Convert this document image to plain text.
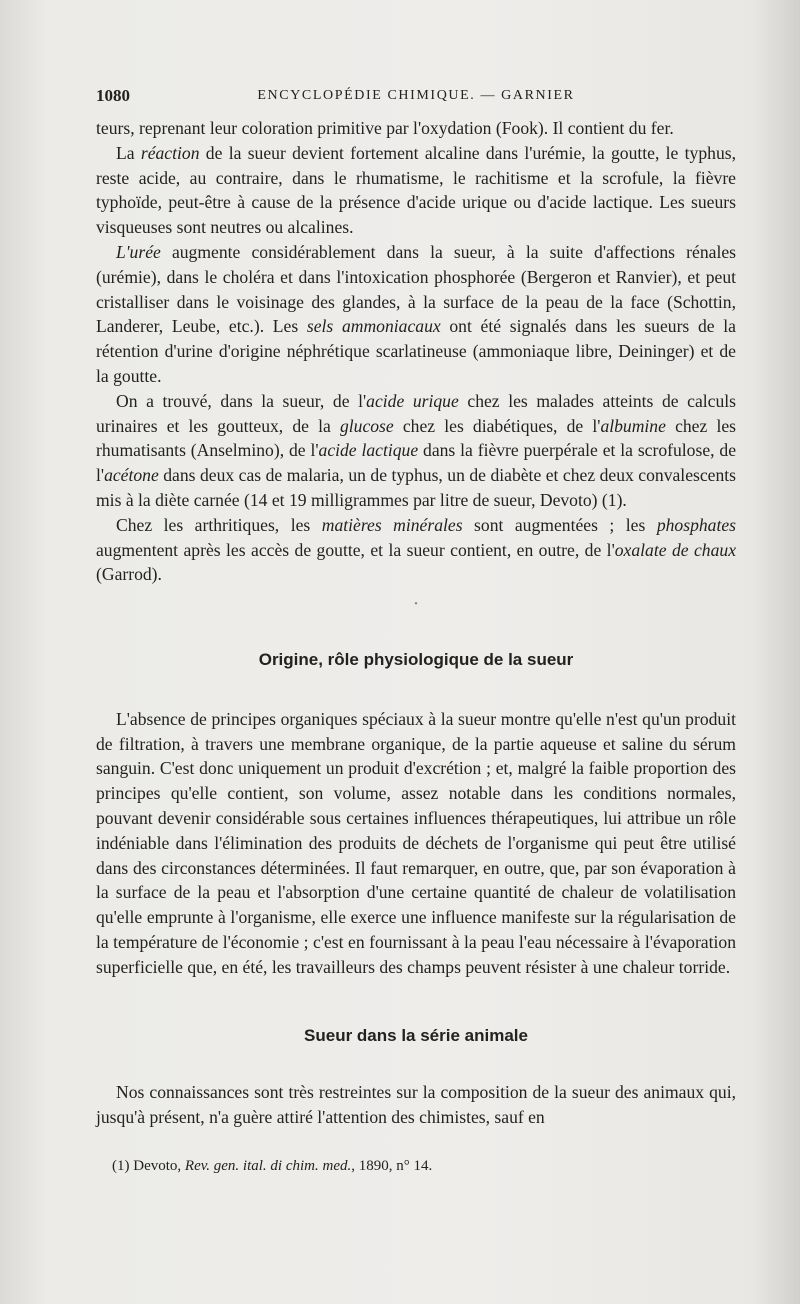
1080	ENCYCLOPÉDIE CHIMIQUE. — GARNIER

teurs, reprenant leur coloration primitive par l'oxydation (Fook). Il contient du fer.

La réaction de la sueur devient fortement alcaline dans l'urémie, la goutte, le typhus, reste acide, au contraire, dans le rhumatisme, le rachitisme et la scrofule, la fièvre typhoïde, peut-être à cause de la présence d'acide urique ou d'acide lactique. Les sueurs visqueuses sont neutres ou alcalines.

L'urée augmente considérablement dans la sueur, à la suite d'affections rénales (urémie), dans le choléra et dans l'intoxication phosphorée (Bergeron et Ranvier), et peut cristalliser dans le voisinage des glandes, à la surface de la peau de la face (Schottin, Landerer, Leube, etc.). Les sels ammoniacaux ont été signalés dans les sueurs de la rétention d'urine d'origine néphrétique scarlatineuse (ammoniaque libre, Deininger) et de la goutte.

On a trouvé, dans la sueur, de l'acide urique chez les malades atteints de calculs urinaires et les goutteux, de la glucose chez les diabétiques, de l'albumine chez les rhumatisants (Anselmino), de l'acide lactique dans la fièvre puerpérale et la scrofulose, de l'acétone dans deux cas de malaria, un de typhus, un de diabète et chez deux convalescents mis à la diète carnée (14 et 19 milligrammes par litre de sueur, Devoto) (1).

Chez les arthritiques, les matières minérales sont augmentées ; les phosphates augmentent après les accès de goutte, et la sueur contient, en outre, de l'oxalate de chaux (Garrod).

•
Origine, rôle physiologique de la sueur

L'absence de principes organiques spéciaux à la sueur montre qu'elle n'est qu'un produit de filtration, à travers une membrane organique, de la partie aqueuse et saline du sérum sanguin. C'est donc uniquement un produit d'excrétion ; et, malgré la faible proportion des principes qu'elle contient, son volume, assez notable dans les conditions normales, pouvant devenir considérable sous certaines influences thérapeutiques, lui attribue un rôle indéniable dans l'élimination des produits de déchets de l'organisme qui peut être utilisé dans des circonstances déterminées. Il faut remarquer, en outre, que, par son évaporation à la surface de la peau et l'absorption d'une certaine quantité de chaleur de volatilisation qu'elle emprunte à l'organisme, elle exerce une influence manifeste sur la régularisation de la température de l'économie ; c'est en fournissant à la peau l'eau nécessaire à l'évaporation superficielle que, en été, les travailleurs des champs peuvent résister à une chaleur torride.

Sueur dans la série animale

Nos connaissances sont très restreintes sur la composition de la sueur des animaux qui, jusqu'à présent, n'a guère attiré l'attention des chimistes, sauf en

(1) Devoto, Rev. gen. ital. di chim. med., 1890, n° 14.
